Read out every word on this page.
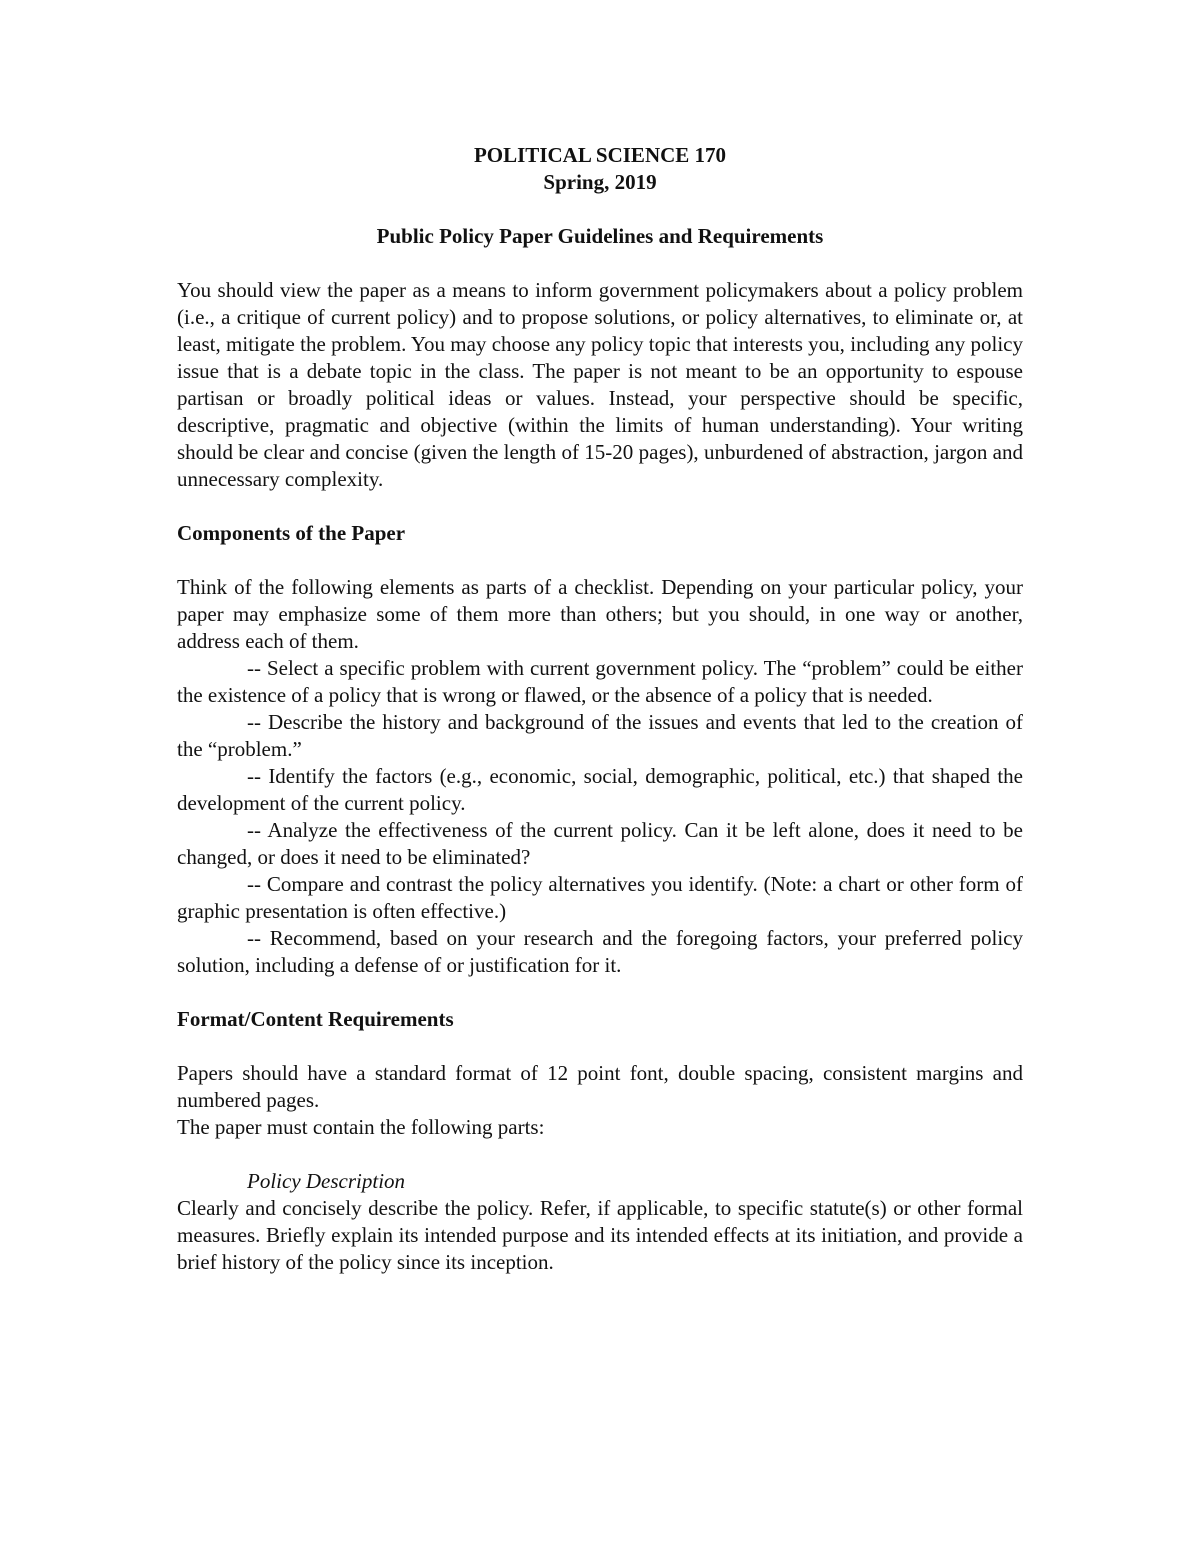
POLITICAL SCIENCE 170

Spring, 2019

Public Policy Paper Guidelines and Requirements

You should view the paper as a means to inform government policymakers about a policy problem (i.e., a critique of current policy) and to propose solutions, or policy alternatives, to eliminate or, at least, mitigate the problem. You may choose any policy topic that interests you, including any policy issue that is a debate topic in the class. The paper is not meant to be an opportunity to espouse partisan or broadly political ideas or values. Instead, your perspective should be specific, descriptive, pragmatic and objective (within the limits of human understanding). Your writing should be clear and concise (given the length of 15-20 pages), unburdened of abstraction, jargon and unnecessary complexity.

Components of the Paper

Think of the following elements as parts of a checklist. Depending on your particular policy, your paper may emphasize some of them more than others; but you should, in one way or another, address each of them.

-- Select a specific problem with current government policy. The “problem” could be either the existence of a policy that is wrong or flawed, or the absence of a policy that is needed.

-- Describe the history and background of the issues and events that led to the creation of the “problem.”

-- Identify the factors (e.g., economic, social, demographic, political, etc.) that shaped the development of the current policy.

-- Analyze the effectiveness of the current policy. Can it be left alone, does it need to be changed, or does it need to be eliminated?

-- Compare and contrast the policy alternatives you identify. (Note: a chart or other form of graphic presentation is often effective.)

-- Recommend, based on your research and the foregoing factors, your preferred policy solution, including a defense of or justification for it.

Format/Content Requirements

Papers should have a standard format of 12 point font, double spacing, consistent margins and numbered pages.

The paper must contain the following parts:

Policy Description

Clearly and concisely describe the policy. Refer, if applicable, to specific statute(s) or other formal measures. Briefly explain its intended purpose and its intended effects at its initiation, and provide a brief history of the policy since its inception.
